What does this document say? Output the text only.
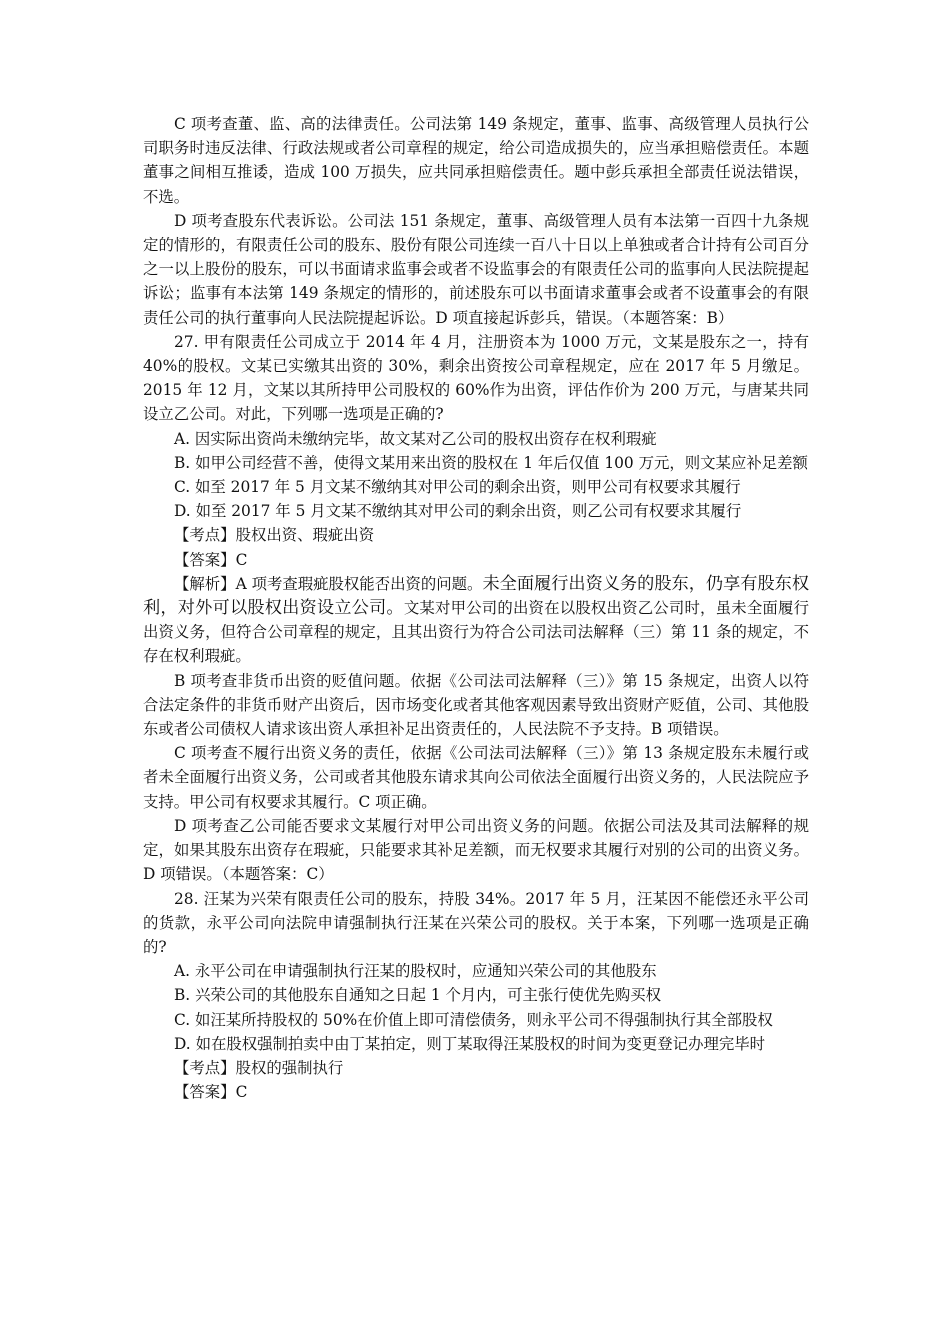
C 项考查董、监、高的法律责任。公司法第 149 条规定，董事、监事、高级管理人员执行公司职务时违反法律、行政法规或者公司章程的规定，给公司造成损失的，应当承担赔偿责任。本题董事之间相互推诿，造成 100 万损失，应共同承担赔偿责任。题中彭兵承担全部责任说法错误，不选。

D 项考查股东代表诉讼。公司法 151 条规定，董事、高级管理人员有本法第一百四十九条规定的情形的，有限责任公司的股东、股份有限公司连续一百八十日以上单独或者合计持有公司百分之一以上股份的股东，可以书面请求监事会或者不设监事会的有限责任公司的监事向人民法院提起诉讼；监事有本法第 149 条规定的情形的，前述股东可以书面请求董事会或者不设董事会的有限责任公司的执行董事向人民法院提起诉讼。D 项直接起诉彭兵，错误。（本题答案：B）

27. 甲有限责任公司成立于 2014 年 4 月，注册资本为 1000 万元，文某是股东之一，持有 40%的股权。文某已实缴其出资的 30%，剩余出资按公司章程规定，应在 2017 年 5 月缴足。2015 年 12 月，文某以其所持甲公司股权的 60%作为出资，评估作价为 200 万元，与唐某共同设立乙公司。对此，下列哪一选项是正确的?

A. 因实际出资尚未缴纳完毕，故文某对乙公司的股权出资存在权利瑕疵

B. 如甲公司经营不善，使得文某用来出资的股权在 1 年后仅值 100 万元，则文某应补足差额

C. 如至 2017 年 5 月文某不缴纳其对甲公司的剩余出资，则甲公司有权要求其履行

D. 如至 2017 年 5 月文某不缴纳其对甲公司的剩余出资，则乙公司有权要求其履行

【考点】股权出资、瑕疵出资

【答案】C

【解析】A 项考查瑕疵股权能否出资的问题。未全面履行出资义务的股东，仍享有股东权利，对外可以股权出资设立公司。文某对甲公司的出资在以股权出资乙公司时，虽未全面履行出资义务，但符合公司章程的规定，且其出资行为符合公司法司法解释（三）第 11 条的规定，不存在权利瑕疵。

B 项考查非货币出资的贬值问题。依据《公司法司法解释（三）》第 15 条规定，出资人以符合法定条件的非货币财产出资后，因市场变化或者其他客观因素导致出资财产贬值，公司、其他股东或者公司债权人请求该出资人承担补足出资责任的，人民法院不予支持。B 项错误。

C 项考查不履行出资义务的责任，依据《公司法司法解释（三）》第 13 条规定股东未履行或者未全面履行出资义务，公司或者其他股东请求其向公司依法全面履行出资义务的，人民法院应予支持。甲公司有权要求其履行。C 项正确。

D 项考查乙公司能否要求文某履行对甲公司出资义务的问题。依据公司法及其司法解释的规定，如果其股东出资存在瑕疵，只能要求其补足差额，而无权要求其履行对别的公司的出资义务。D 项错误。（本题答案：C）

28. 汪某为兴荣有限责任公司的股东，持股 34%。2017 年 5 月，汪某因不能偿还永平公司的货款，永平公司向法院申请强制执行汪某在兴荣公司的股权。关于本案，下列哪一选项是正确的?

A. 永平公司在申请强制执行汪某的股权时，应通知兴荣公司的其他股东

B. 兴荣公司的其他股东自通知之日起 1 个月内，可主张行使优先购买权

C. 如汪某所持股权的 50%在价值上即可清偿债务，则永平公司不得强制执行其全部股权

D. 如在股权强制拍卖中由丁某拍定，则丁某取得汪某股权的时间为变更登记办理完毕时

【考点】股权的强制执行

【答案】C
